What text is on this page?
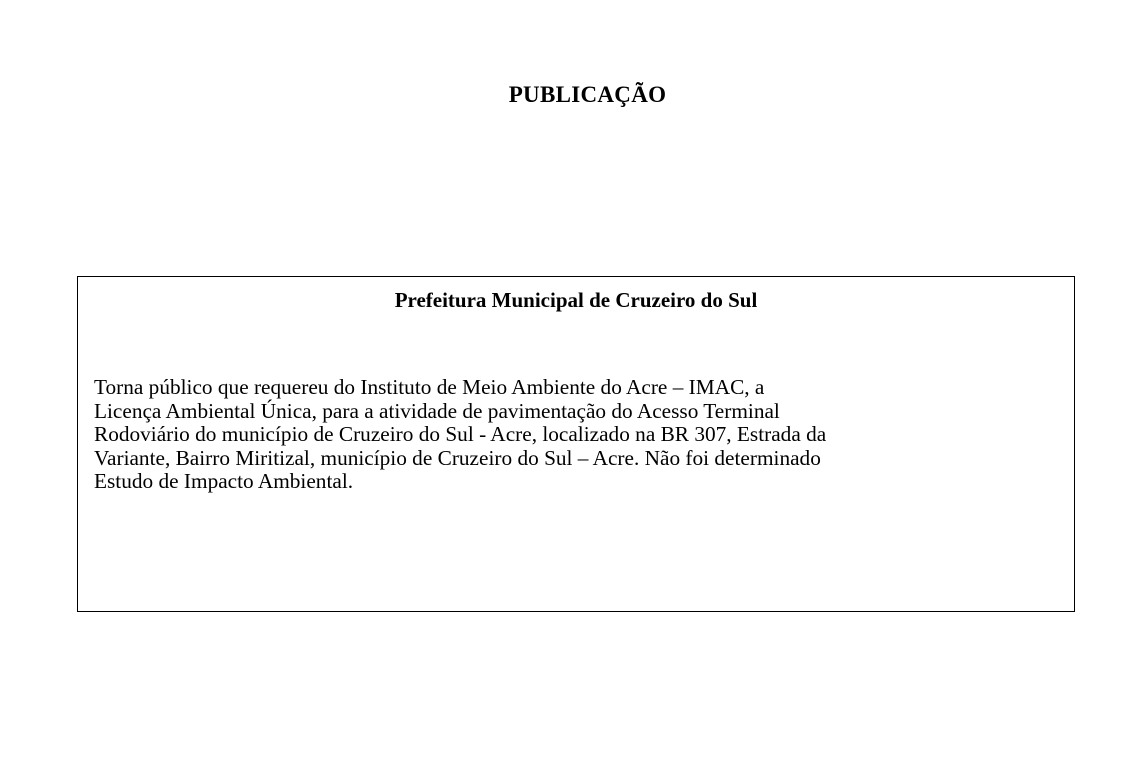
PUBLICAÇÃO
Prefeitura Municipal de Cruzeiro do Sul

Torna público que requereu do Instituto de Meio Ambiente do Acre – IMAC, a
Licença Ambiental Única, para a atividade de pavimentação do Acesso Terminal
Rodoviário do município de Cruzeiro do Sul - Acre, localizado na BR 307, Estrada da
Variante, Bairro Miritizal, município de Cruzeiro do Sul – Acre. Não foi determinado
Estudo de Impacto Ambiental.
